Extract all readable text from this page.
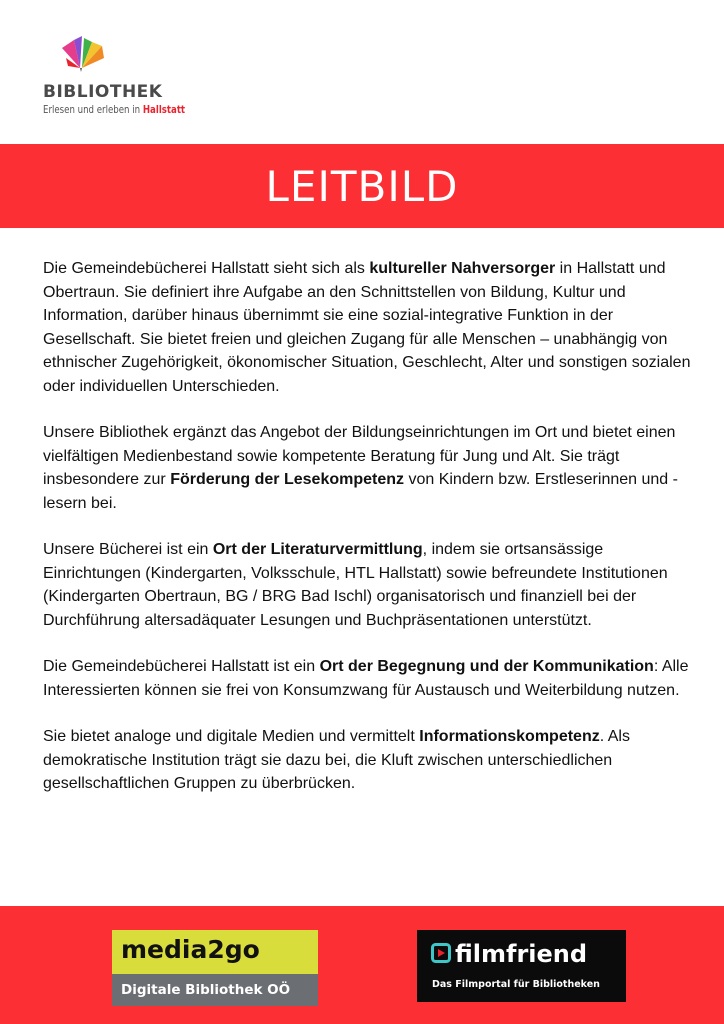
BIBLIOTHEK
Erlesen und erleben in Hallstatt
LEITBILD

Die Gemeindebücherei Hallstatt sieht sich als kultureller Nahversorger in Hallstatt und Obertraun. Sie definiert ihre Aufgabe an den Schnittstellen von Bildung, Kultur und Information, darüber hinaus übernimmt sie eine sozial-integrative Funktion in der Gesellschaft. Sie bietet freien und gleichen Zugang für alle Menschen – unabhängig von ethnischer Zugehörigkeit, ökonomischer Situation, Geschlecht, Alter und sonstigen sozialen oder individuellen Unterschieden.

Unsere Bibliothek ergänzt das Angebot der Bildungseinrichtungen im Ort und bietet einen vielfältigen Medienbestand sowie kompetente Beratung für Jung und Alt. Sie trägt insbesondere zur Förderung der Lesekompetenz von Kindern bzw. Erstleserinnen und -lesern bei.

Unsere Bücherei ist ein Ort der Literaturvermittlung, indem sie ortsansässige Einrichtungen (Kindergarten, Volksschule, HTL Hallstatt) sowie befreundete Institutionen (Kindergarten Obertraun, BG / BRG Bad Ischl) organisatorisch und finanziell bei der Durchführung altersadäquater Lesungen und Buchpräsentationen unterstützt.

Die Gemeindebücherei Hallstatt ist ein Ort der Begegnung und der Kommunikation: Alle Interessierten können sie frei von Konsumzwang für Austausch und Weiterbildung nutzen.

Sie bietet analoge und digitale Medien und vermittelt Informationskompetenz. Als demokratische Institution trägt sie dazu bei, die Kluft zwischen unterschiedlichen gesellschaftlichen Gruppen zu überbrücken.

media2go
Digitale Bibliothek OÖ
filmfriend
Das Filmportal für Bibliotheken
